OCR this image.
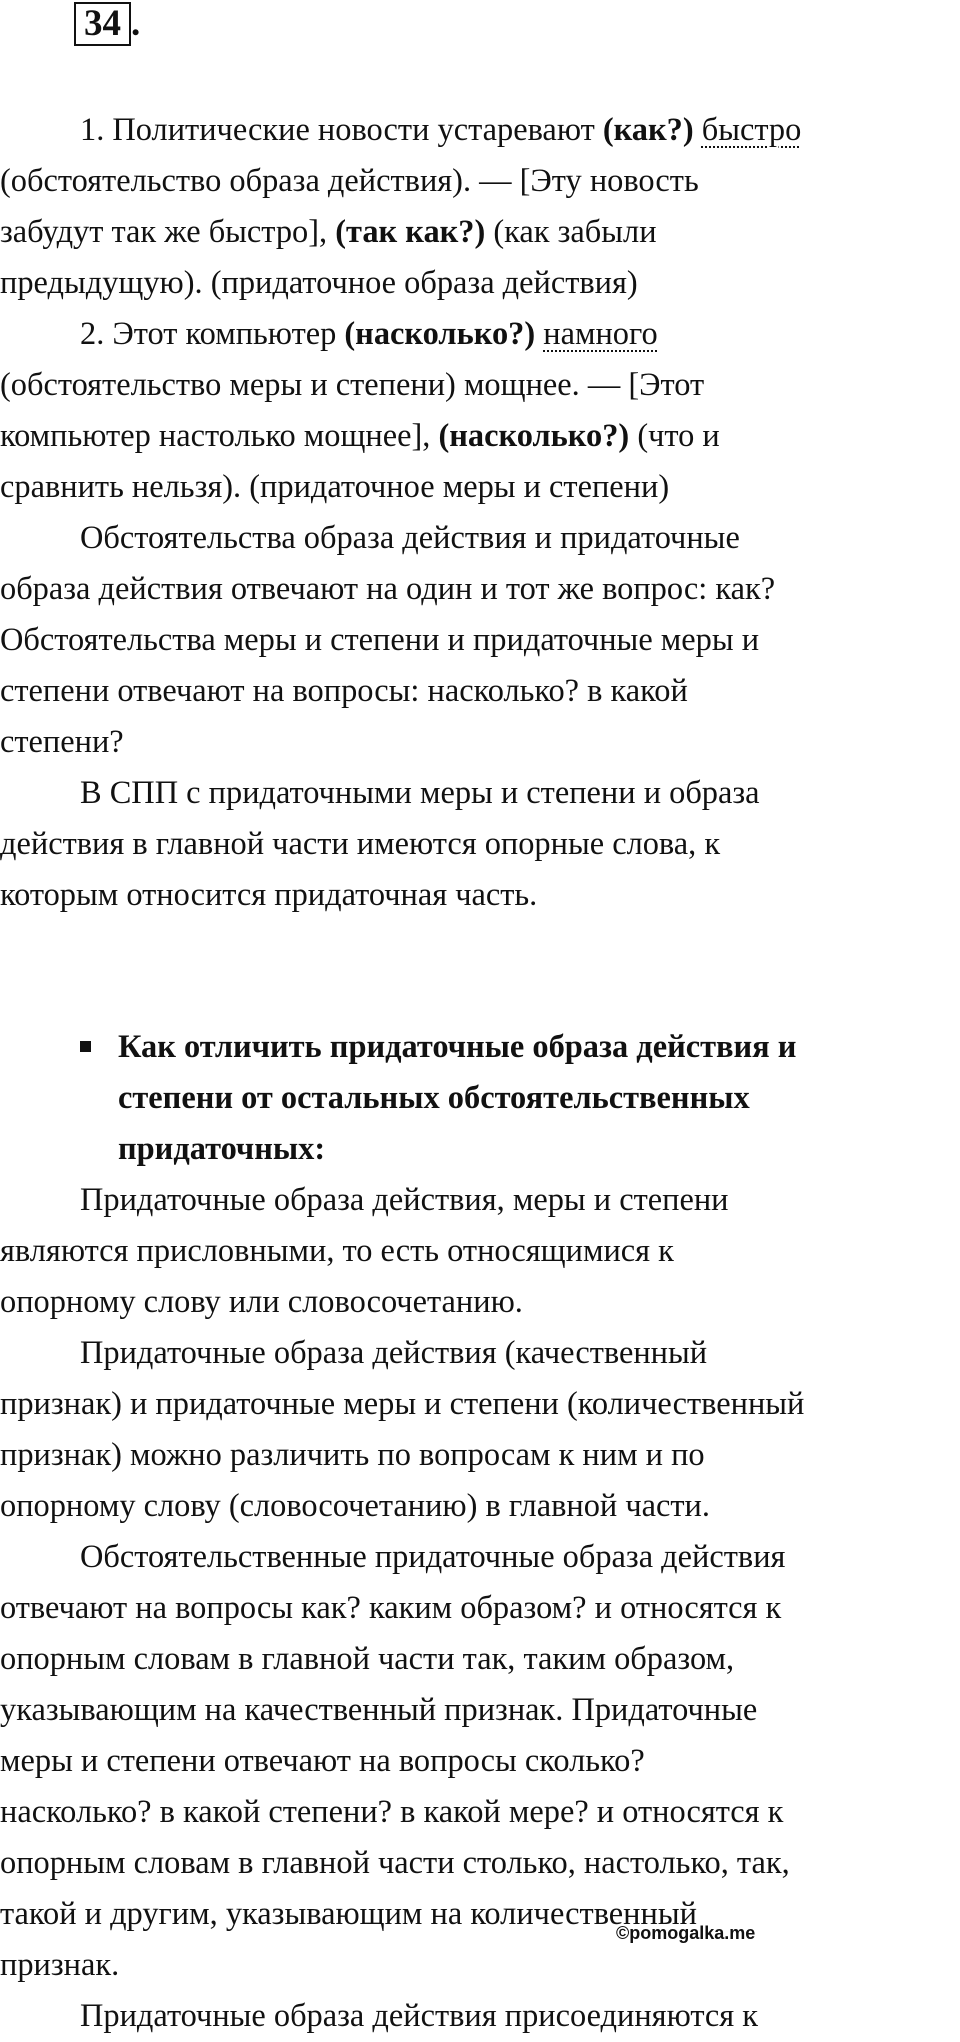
34 .
1. Политические новости устаревают (как?) быстро
(обстоятельство образа действия). — [Эту новость
забудут так же быстро], (так как?) (как забыли
предыдущую). (придаточное образа действия)
2. Этот компьютер (насколько?) намного
(обстоятельство меры и степени) мощнее. — [Этот
компьютер настолько мощнее], (насколько?) (что и
сравнить нельзя). (придаточное меры и степени)
Обстоятельства образа действия и придаточные
образа действия отвечают на один и тот же вопрос: как?
Обстоятельства меры и степени и придаточные меры и
степени отвечают на вопросы: насколько? в какой
степени?
В СПП с придаточными меры и степени и образа
действия в главной части имеются опорные слова, к
которым относится придаточная часть.
Как отличить придаточные образа действия и
степени от остальных обстоятельственных
придаточных:
Придаточные образа действия, меры и степени
являются присловными, то есть относящимися к
опорному слову или словосочетанию.
Придаточные образа действия (качественный
признак) и придаточные меры и степени (количественный
признак) можно различить по вопросам к ним и по
опорному слову (словосочетанию) в главной части.
Обстоятельственные придаточные образа действия
отвечают на вопросы как? каким образом? и относятся к
опорным словам в главной части так, таким образом,
указывающим на качественный признак. Придаточные
меры и степени отвечают на вопросы сколько?
насколько? в какой степени? в какой мере? и относятся к
опорным словам в главной части столько, настолько, так,
такой и другим, указывающим на количественный
признак.
©pomogalka.me
Придаточные образа действия присоединяются к
